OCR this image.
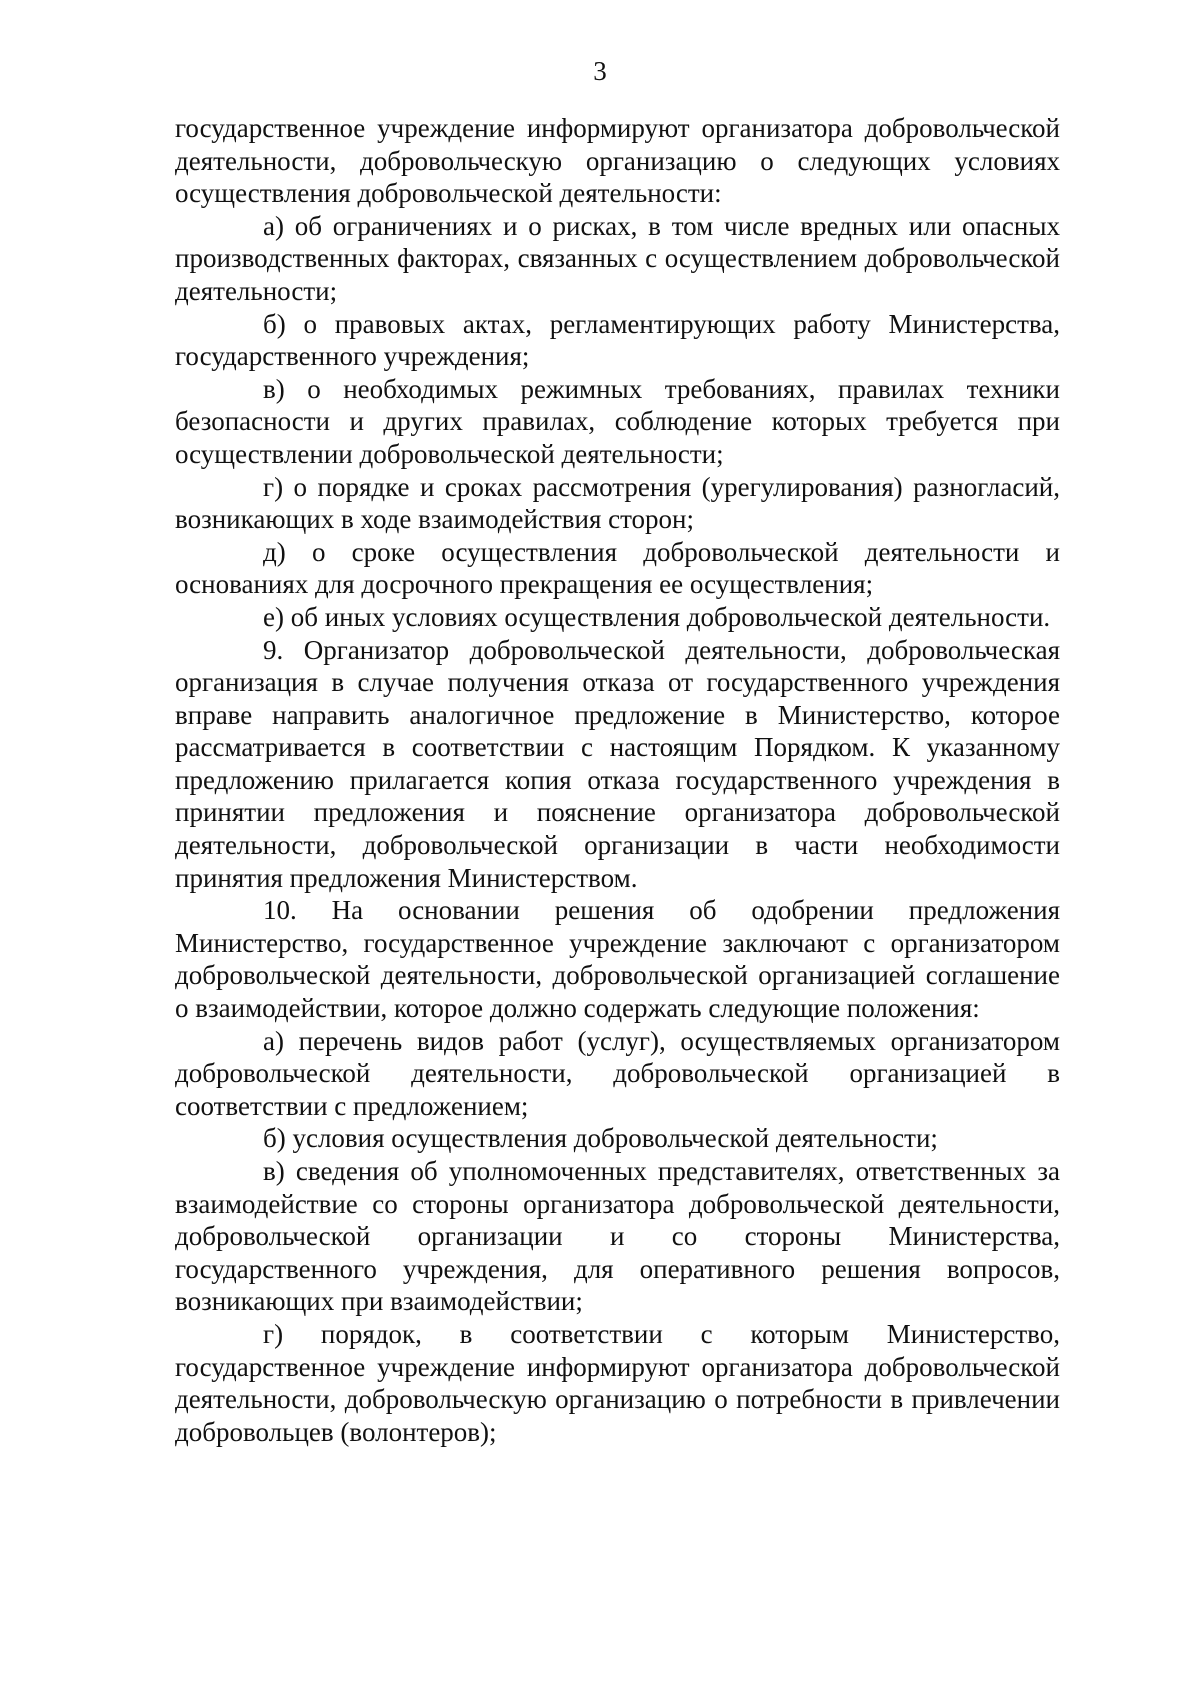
3

государственное учреждение информируют организатора добровольческой деятельности, добровольческую организацию о следующих условиях осуществления добровольческой деятельности:

а) об ограничениях и о рисках, в том числе вредных или опасных производственных факторах, связанных с осуществлением добровольческой деятельности;

б) о правовых актах, регламентирующих работу Министерства, государственного учреждения;

в) о необходимых режимных требованиях, правилах техники безопасности и других правилах, соблюдение которых требуется при осуществлении добровольческой деятельности;

г) о порядке и сроках рассмотрения (урегулирования) разногласий, возникающих в ходе взаимодействия сторон;

д) о сроке осуществления добровольческой деятельности и основаниях для досрочного прекращения ее осуществления;

е) об иных условиях осуществления добровольческой деятельности.

9. Организатор добровольческой деятельности, добровольческая организация в случае получения отказа от государственного учреждения вправе направить аналогичное предложение в Министерство, которое рассматривается в соответствии с настоящим Порядком. К указанному предложению прилагается копия отказа государственного учреждения в принятии предложения и пояснение организатора добровольческой деятельности, добровольческой организации в части необходимости принятия предложения Министерством.

10. На основании решения об одобрении предложения Министерство, государственное учреждение заключают с организатором добровольческой деятельности, добровольческой организацией соглашение о взаимодействии, которое должно содержать следующие положения:

а) перечень видов работ (услуг), осуществляемых организатором добровольческой деятельности, добровольческой организацией в соответствии с предложением;

б) условия осуществления добровольческой деятельности;

в) сведения об уполномоченных представителях, ответственных за взаимодействие со стороны организатора добровольческой деятельности, добровольческой организации и со стороны Министерства, государственного учреждения, для оперативного решения вопросов, возникающих при взаимодействии;

г) порядок, в соответствии с которым Министерство, государственное учреждение информируют организатора добровольческой деятельности, добровольческую организацию о потребности в привлечении добровольцев (волонтеров);
